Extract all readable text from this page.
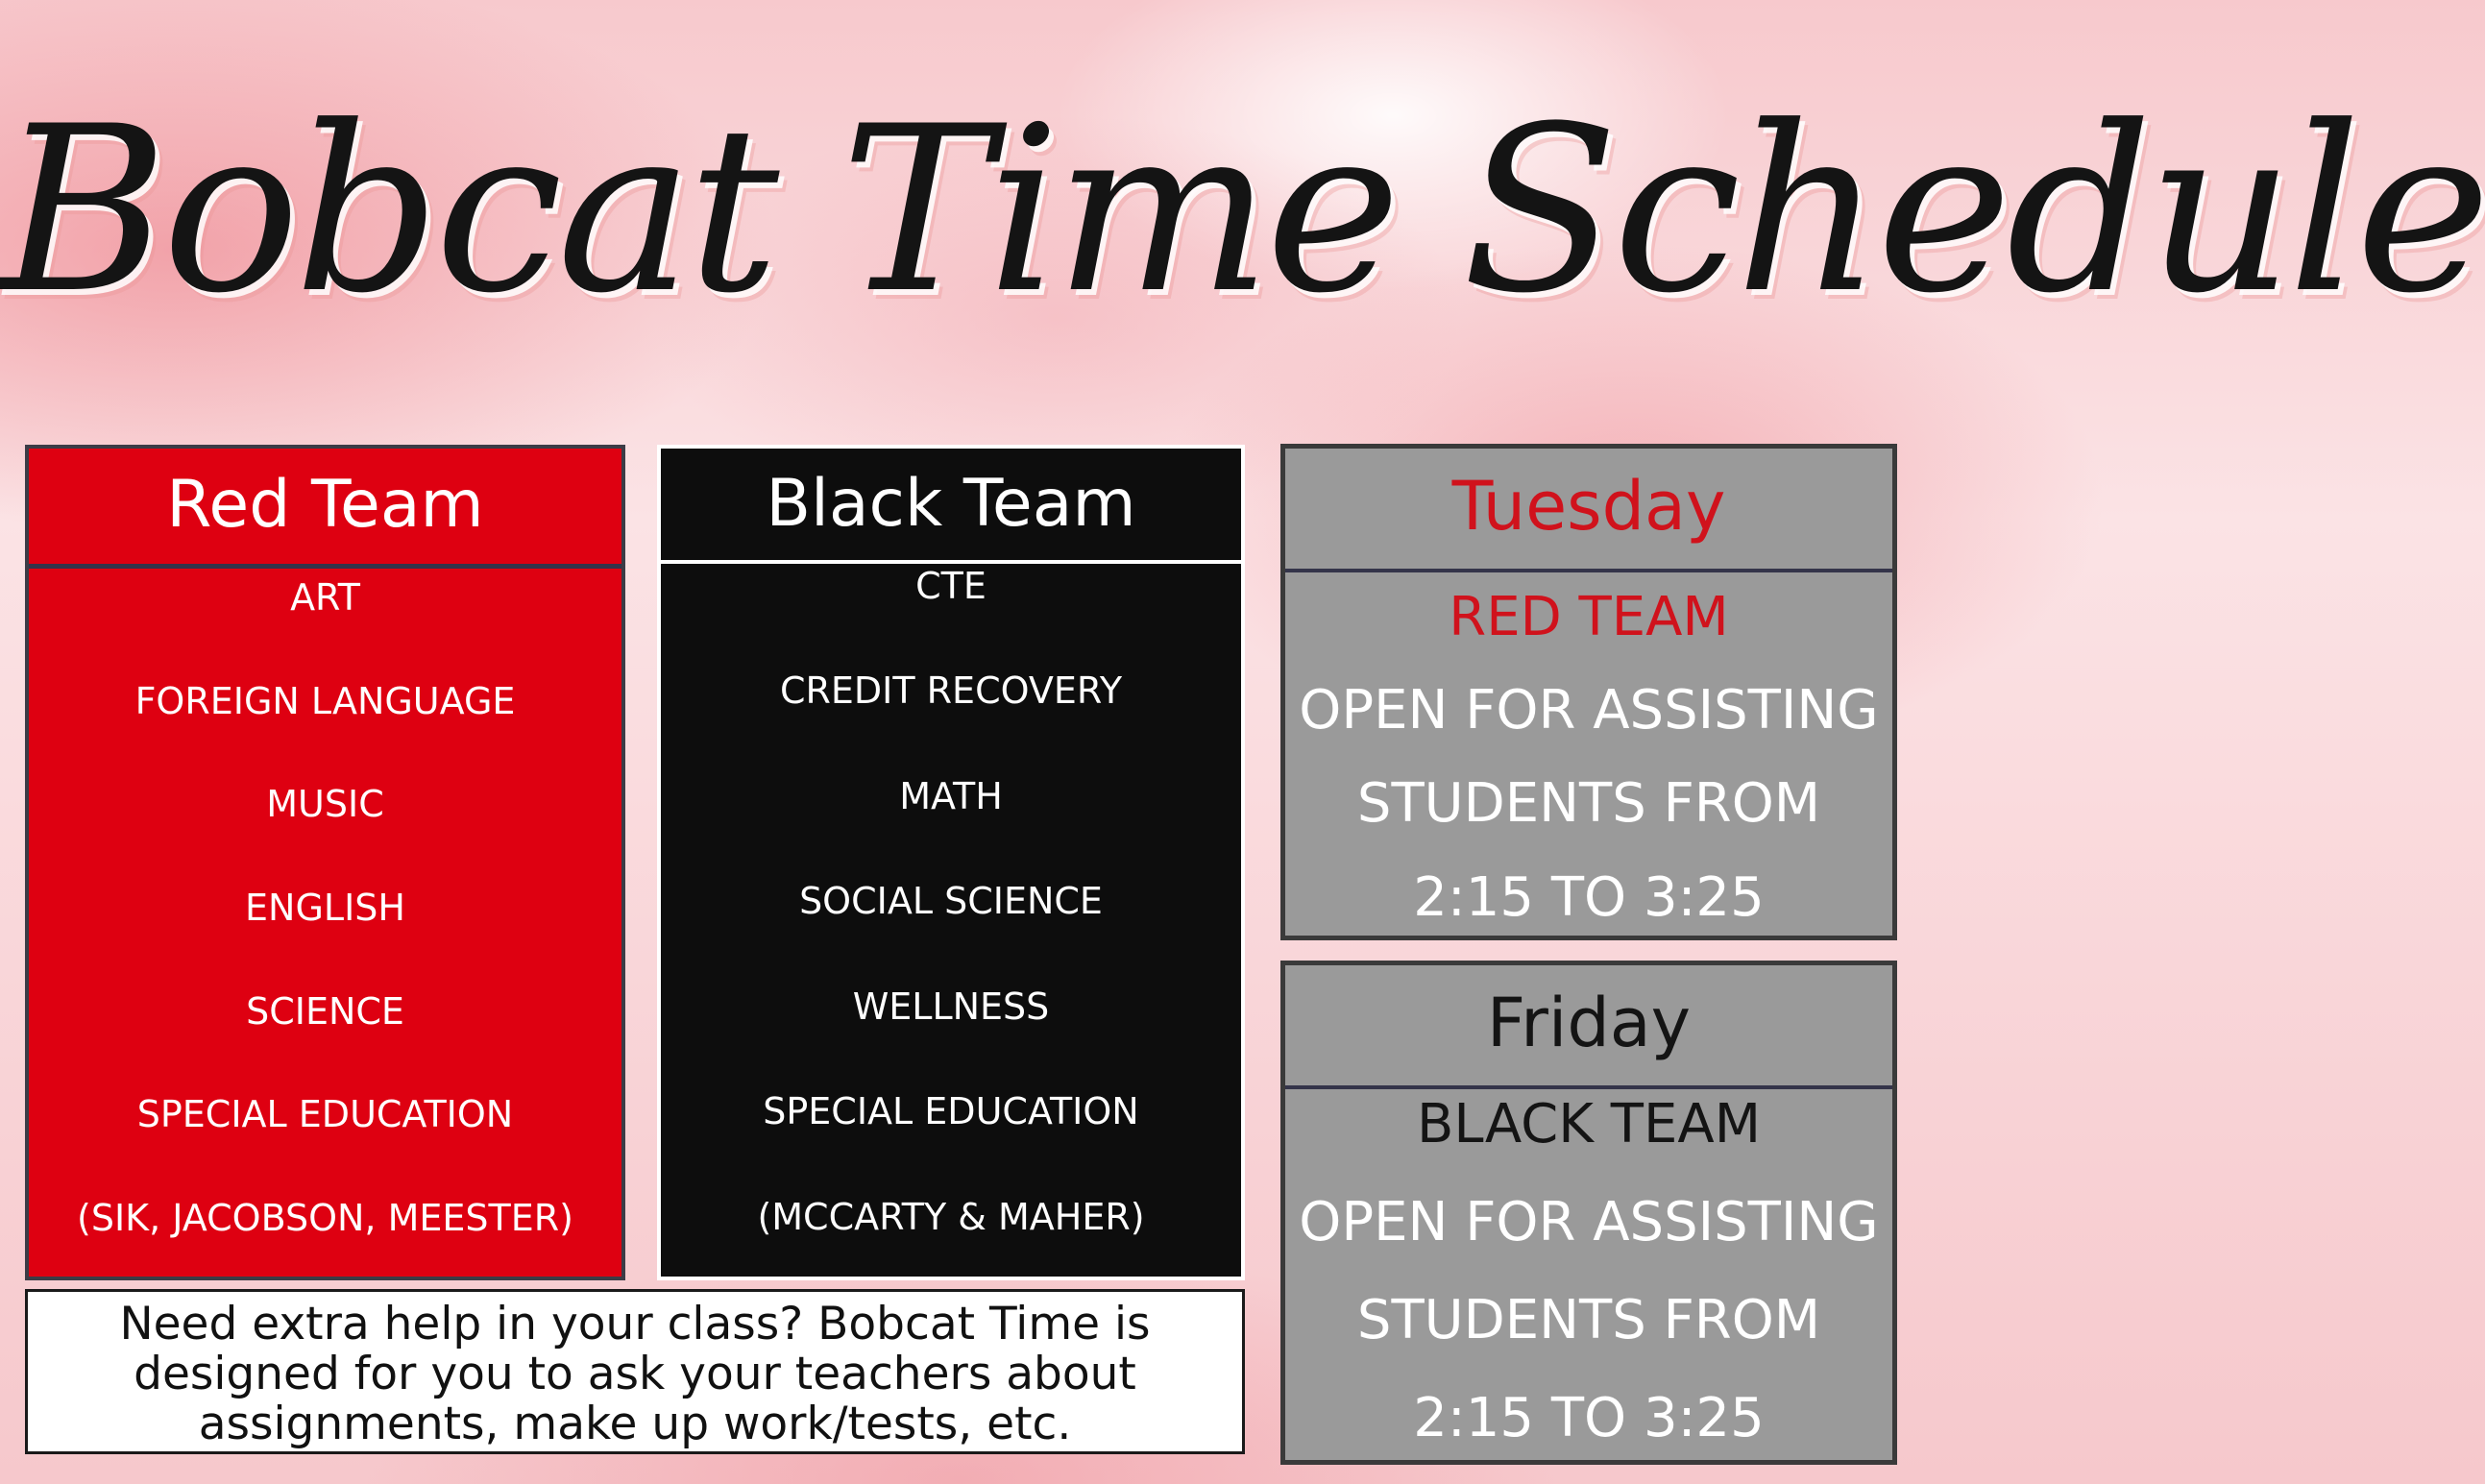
Bobcat Time Schedule
Red Team
ART
FOREIGN LANGUAGE
MUSIC
ENGLISH
SCIENCE
SPECIAL EDUCATION
(SIK, JACOBSON, MEESTER)
Black Team
CTE
CREDIT RECOVERY
MATH
SOCIAL SCIENCE
WELLNESS
SPECIAL EDUCATION
(MCCARTY & MAHER)
Tuesday
RED TEAM
OPEN FOR ASSISTING
STUDENTS FROM
2:15 TO 3:25
Friday
BLACK TEAM
OPEN FOR ASSISTING
STUDENTS FROM
2:15 TO 3:25
Need extra help in your class? Bobcat Time is designed for you to ask your teachers about assignments, make up work/tests, etc.
